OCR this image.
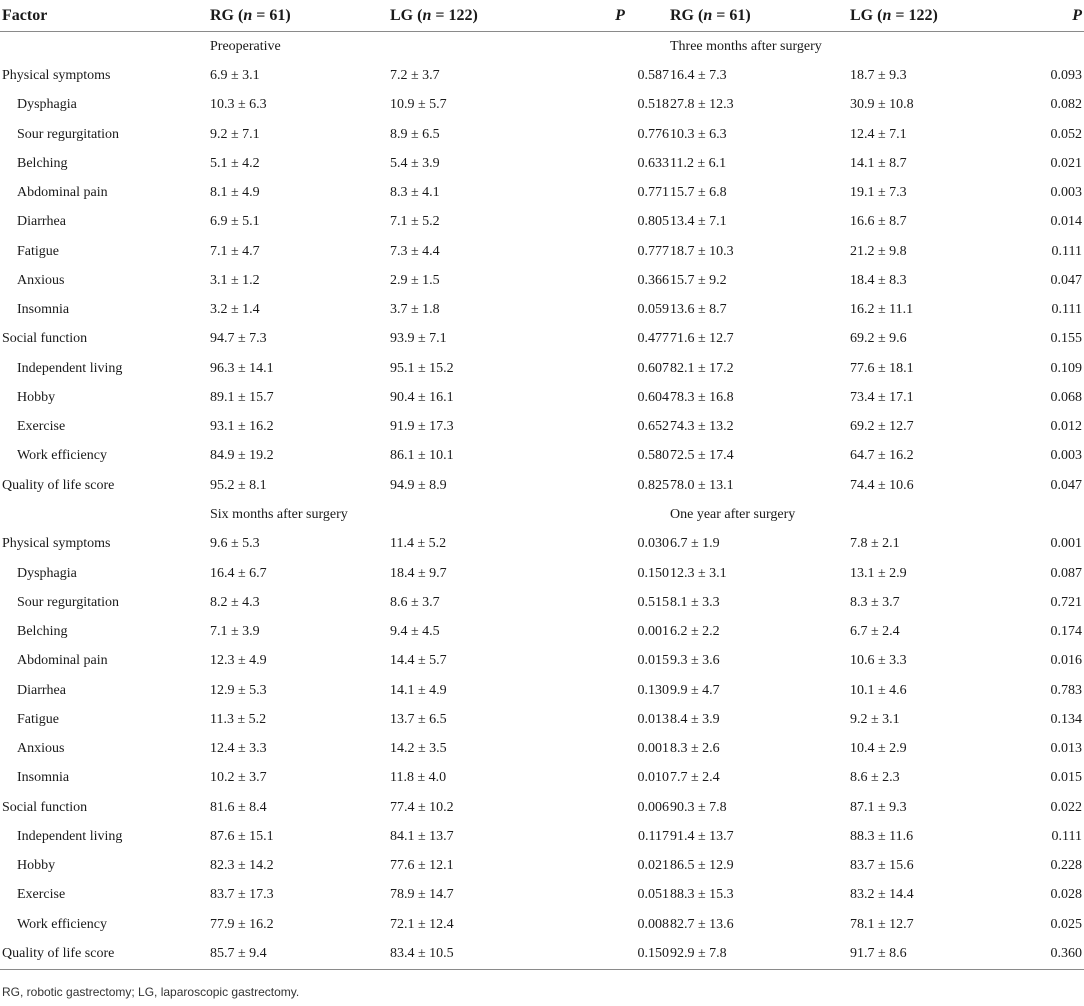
Factor	RG (n = 61)	LG (n = 122)	P	RG (n = 61)	LG (n = 122)	P
	Preoperative			Three months after surgery		
Physical symptoms	6.9 ± 3.1	7.2 ± 3.7	0.587	16.4 ± 7.3	18.7 ± 9.3	0.093
Dysphagia	10.3 ± 6.3	10.9 ± 5.7	0.518	27.8 ± 12.3	30.9 ± 10.8	0.082
Sour regurgitation	9.2 ± 7.1	8.9 ± 6.5	0.776	10.3 ± 6.3	12.4 ± 7.1	0.052
Belching	5.1 ± 4.2	5.4 ± 3.9	0.633	11.2 ± 6.1	14.1 ± 8.7	0.021
Abdominal pain	8.1 ± 4.9	8.3 ± 4.1	0.771	15.7 ± 6.8	19.1 ± 7.3	0.003
Diarrhea	6.9 ± 5.1	7.1 ± 5.2	0.805	13.4 ± 7.1	16.6 ± 8.7	0.014
Fatigue	7.1 ± 4.7	7.3 ± 4.4	0.777	18.7 ± 10.3	21.2 ± 9.8	0.111
Anxious	3.1 ± 1.2	2.9 ± 1.5	0.366	15.7 ± 9.2	18.4 ± 8.3	0.047
Insomnia	3.2 ± 1.4	3.7 ± 1.8	0.059	13.6 ± 8.7	16.2 ± 11.1	0.111
Social function	94.7 ± 7.3	93.9 ± 7.1	0.477	71.6 ± 12.7	69.2 ± 9.6	0.155
Independent living	96.3 ± 14.1	95.1 ± 15.2	0.607	82.1 ± 17.2	77.6 ± 18.1	0.109
Hobby	89.1 ± 15.7	90.4 ± 16.1	0.604	78.3 ± 16.8	73.4 ± 17.1	0.068
Exercise	93.1 ± 16.2	91.9 ± 17.3	0.652	74.3 ± 13.2	69.2 ± 12.7	0.012
Work efficiency	84.9 ± 19.2	86.1 ± 10.1	0.580	72.5 ± 17.4	64.7 ± 16.2	0.003
Quality of life score	95.2 ± 8.1	94.9 ± 8.9	0.825	78.0 ± 13.1	74.4 ± 10.6	0.047
	Six months after surgery			One year after surgery		
Physical symptoms	9.6 ± 5.3	11.4 ± 5.2	0.030	6.7 ± 1.9	7.8 ± 2.1	0.001
Dysphagia	16.4 ± 6.7	18.4 ± 9.7	0.150	12.3 ± 3.1	13.1 ± 2.9	0.087
Sour regurgitation	8.2 ± 4.3	8.6 ± 3.7	0.515	8.1 ± 3.3	8.3 ± 3.7	0.721
Belching	7.1 ± 3.9	9.4 ± 4.5	0.001	6.2 ± 2.2	6.7 ± 2.4	0.174
Abdominal pain	12.3 ± 4.9	14.4 ± 5.7	0.015	9.3 ± 3.6	10.6 ± 3.3	0.016
Diarrhea	12.9 ± 5.3	14.1 ± 4.9	0.130	9.9 ± 4.7	10.1 ± 4.6	0.783
Fatigue	11.3 ± 5.2	13.7 ± 6.5	0.013	8.4 ± 3.9	9.2 ± 3.1	0.134
Anxious	12.4 ± 3.3	14.2 ± 3.5	0.001	8.3 ± 2.6	10.4 ± 2.9	0.013
Insomnia	10.2 ± 3.7	11.8 ± 4.0	0.010	7.7 ± 2.4	8.6 ± 2.3	0.015
Social function	81.6 ± 8.4	77.4 ± 10.2	0.006	90.3 ± 7.8	87.1 ± 9.3	0.022
Independent living	87.6 ± 15.1	84.1 ± 13.7	0.117	91.4 ± 13.7	88.3 ± 11.6	0.111
Hobby	82.3 ± 14.2	77.6 ± 12.1	0.021	86.5 ± 12.9	83.7 ± 15.6	0.228
Exercise	83.7 ± 17.3	78.9 ± 14.7	0.051	88.3 ± 15.3	83.2 ± 14.4	0.028
Work efficiency	77.9 ± 16.2	72.1 ± 12.4	0.008	82.7 ± 13.6	78.1 ± 12.7	0.025
Quality of life score	85.7 ± 9.4	83.4 ± 10.5	0.150	92.9 ± 7.8	91.7 ± 8.6	0.360
RG, robotic gastrectomy; LG, laparoscopic gastrectomy.
